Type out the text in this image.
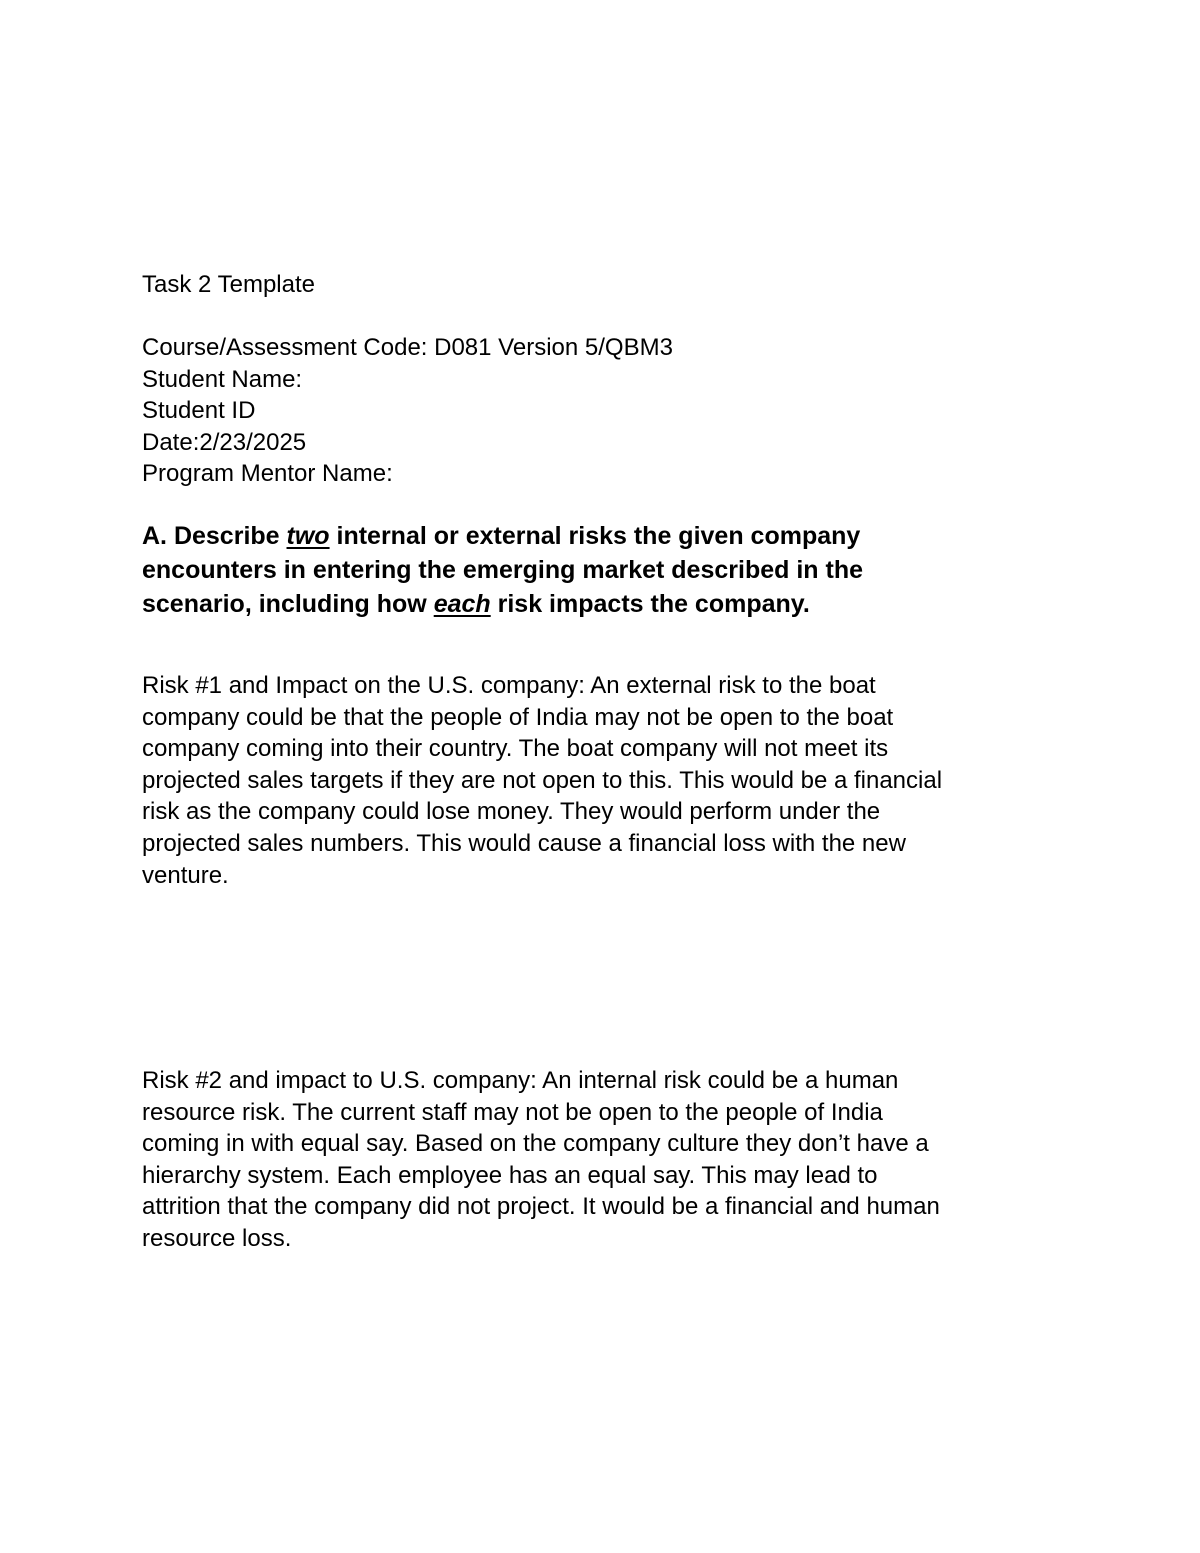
Task 2 Template
Course/Assessment Code: D081 Version 5/QBM3
Student Name:
Student ID
Date:2/23/2025
Program Mentor Name:
A. Describe two internal or external risks the given company
encounters in entering the emerging market described in the
scenario, including how each risk impacts the company.
Risk #1 and Impact on the U.S. company: An external risk to the boat
company could be that the people of India may not be open to the boat
company coming into their country. The boat company will not meet its
projected sales targets if they are not open to this. This would be a financial
risk as the company could lose money. They would perform under the
projected sales numbers. This would cause a financial loss with the new
venture.
Risk #2 and impact to U.S. company: An internal risk could be a human
resource risk. The current staff may not be open to the people of India
coming in with equal say. Based on the company culture they don’t have a
hierarchy system. Each employee has an equal say. This may lead to
attrition that the company did not project. It would be a financial and human
resource loss.
